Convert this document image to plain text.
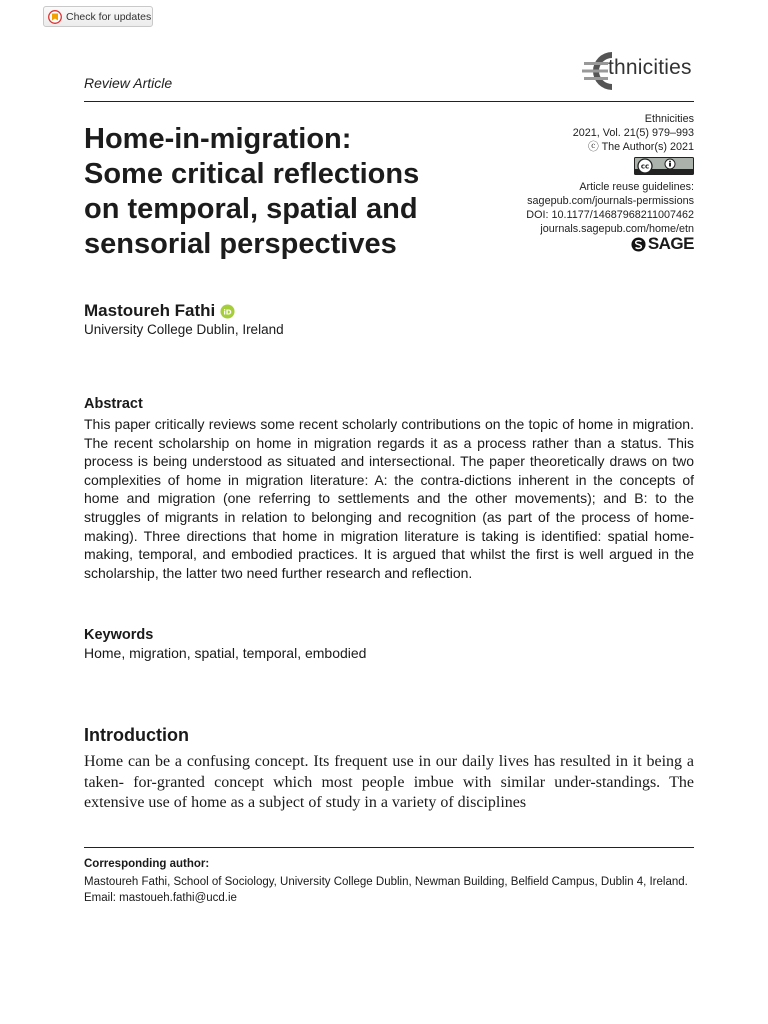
Check for updates
Review Article
thnicities
Home-in-migration:
Some critical reflections
on temporal, spatial and
sensorial perspectives
Ethnicities
2021, Vol. 21(5) 979–993
ⓒ The Author(s) 2021
cc
Article reuse guidelines:
sagepub.com/journals-permissions
DOI: 10.1177/14687968211007462
journals.sagepub.com/home/etn
SAGE
Mastoureh Fathi iD
University College Dublin, Ireland
Abstract
This paper critically reviews some recent scholarly contributions on the topic of home in migration. The recent scholarship on home in migration regards it as a process rather than a status. This process is being understood as situated and intersectional. The paper theoretically draws on two complexities of home in migration literature: A: the contra-dictions inherent in the concepts of home and migration (one referring to settlements and the other movements); and B: to the struggles of migrants in relation to belonging and recognition (as part of the process of home-making). Three directions that home in migration literature is taking is identified: spatial home-making, temporal, and embodied practices. It is argued that whilst the first is well argued in the scholarship, the latter two need further research and reflection.
Keywords
Home, migration, spatial, temporal, embodied
Introduction
Home can be a confusing concept. Its frequent use in our daily lives has resulted in it being a taken- for-granted concept which most people imbue with similar under-standings. The extensive use of home as a subject of study in a variety of disciplines
Corresponding author:
Mastoureh Fathi, School of Sociology, University College Dublin, Newman Building, Belfield Campus, Dublin 4, Ireland.
Email: mastoueh.fathi@ucd.ie
